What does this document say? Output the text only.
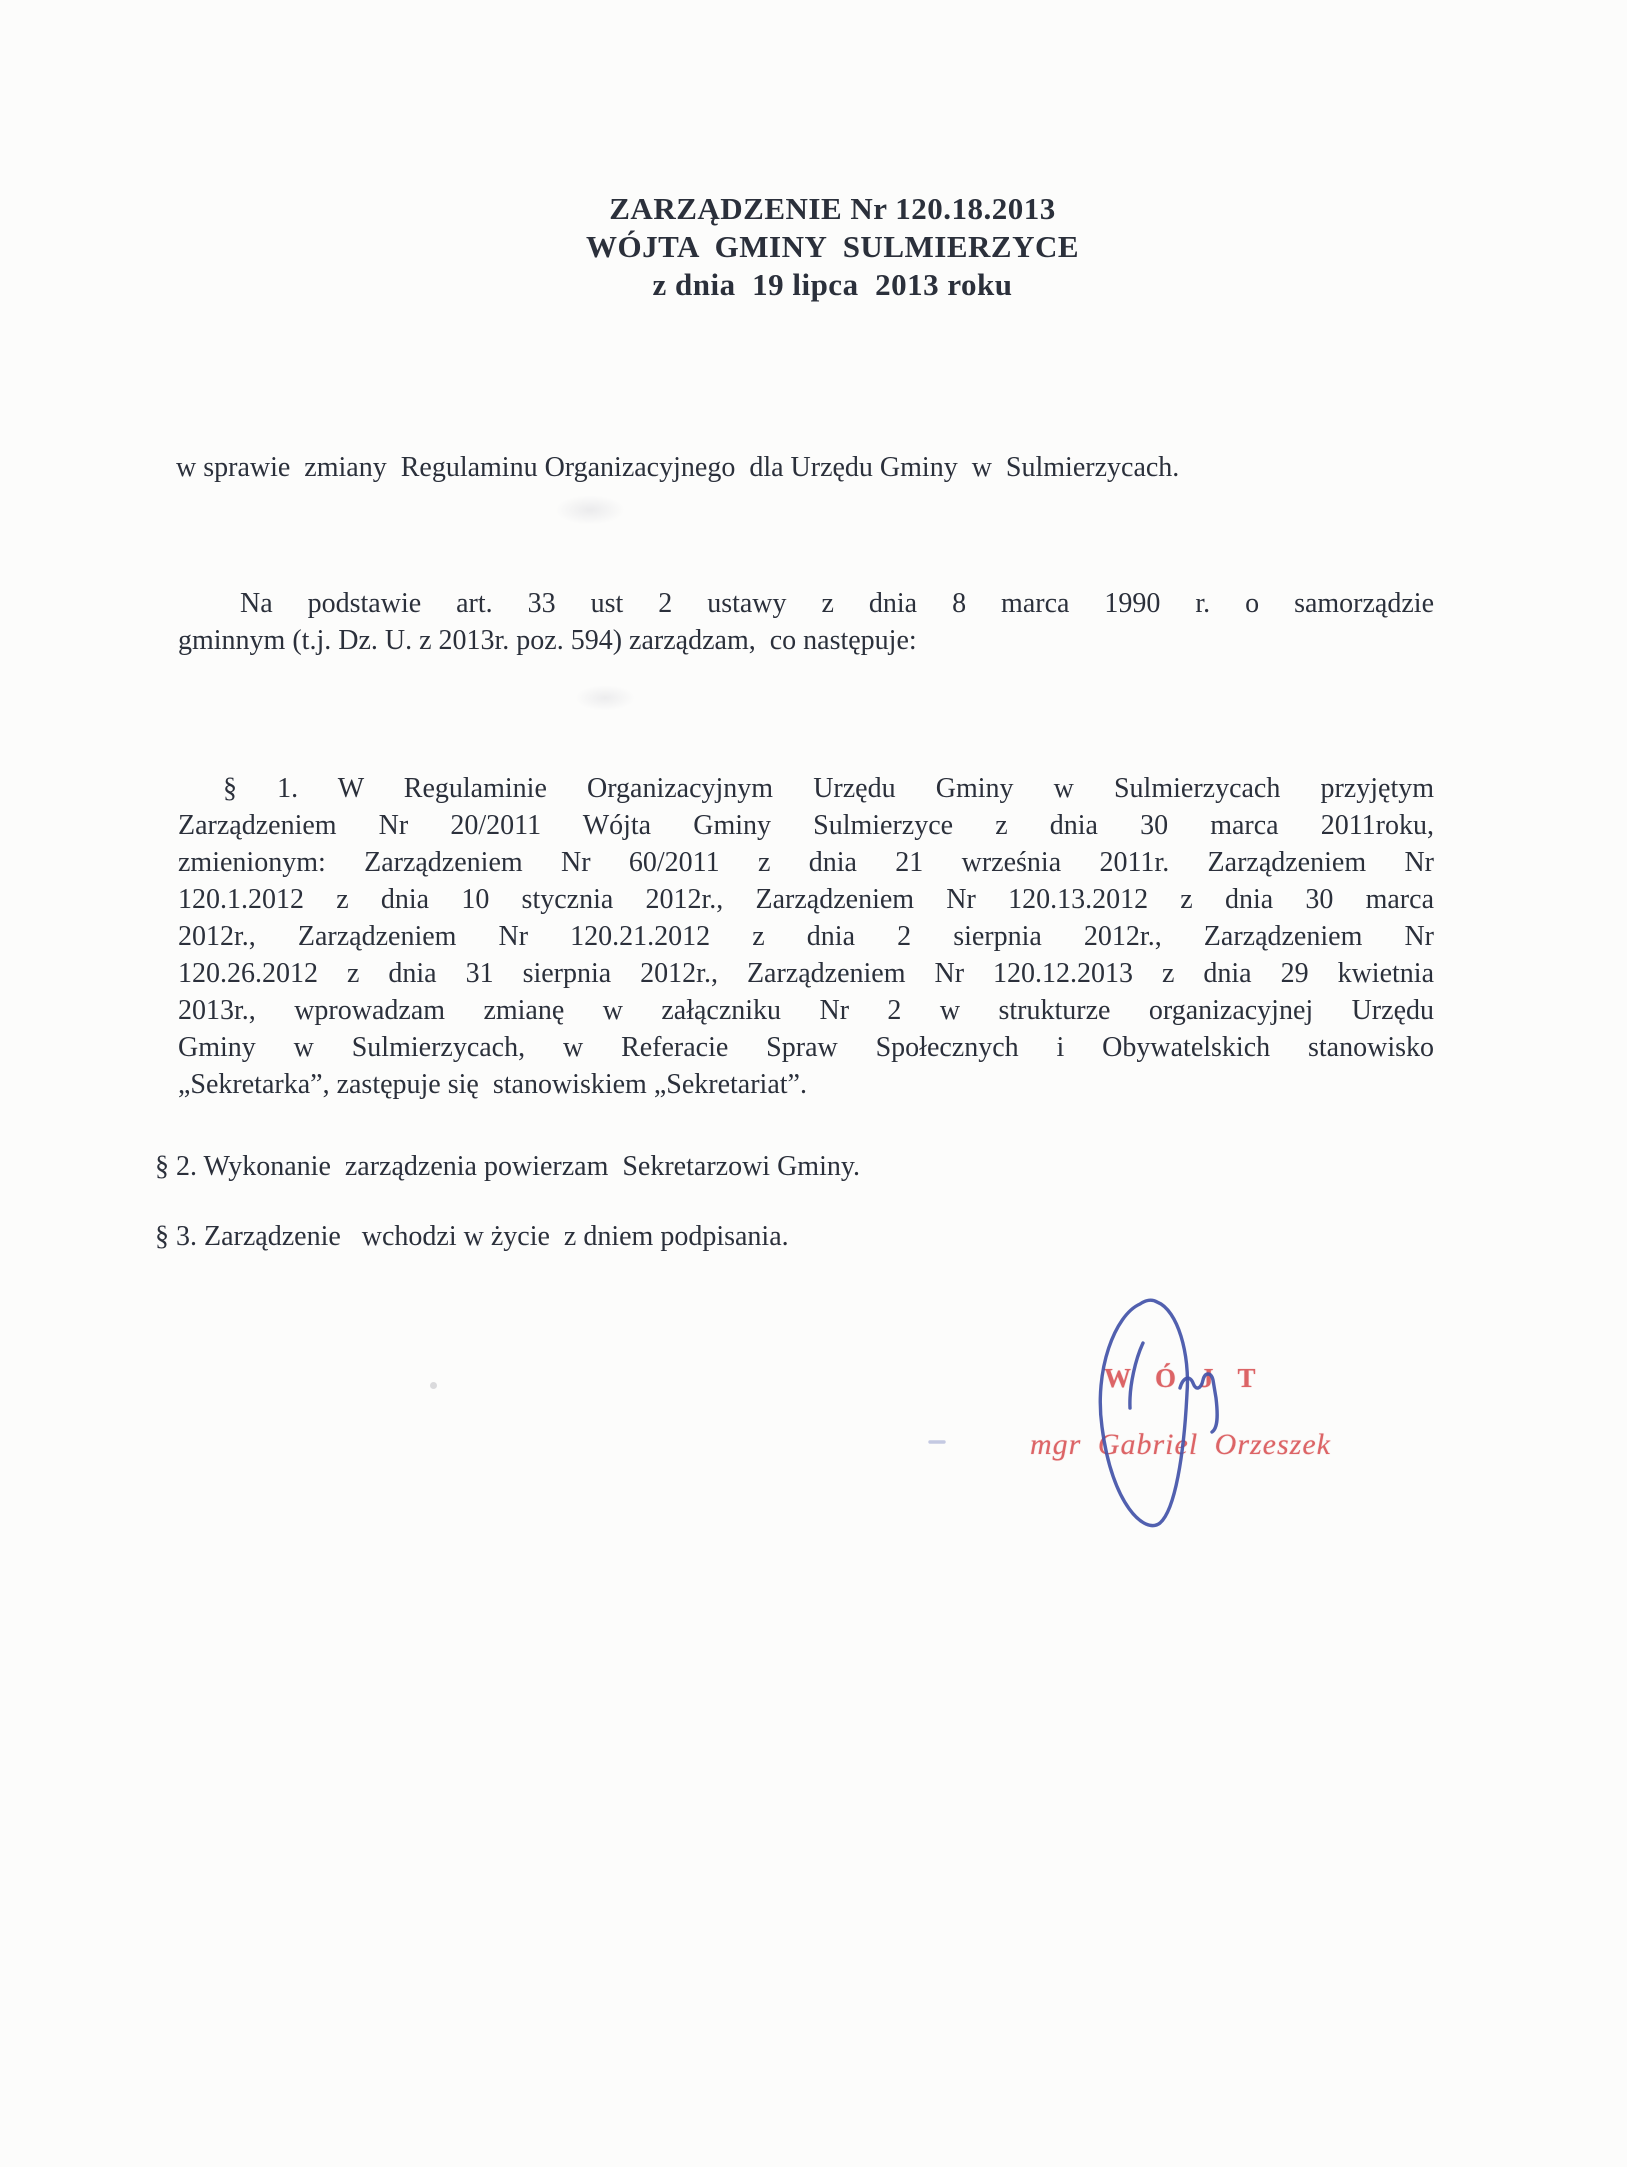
ZARZĄDZENIE Nr 120.18.2013
WÓJTA  GMINY  SULMIERZYCE
z dnia  19 lipca  2013 roku
w sprawie  zmiany  Regulaminu Organizacyjnego  dla Urzędu Gminy  w  Sulmierzycach.
Na podstawie art. 33 ust 2 ustawy z dnia 8 marca 1990 r. o samorządzie
gminnym (t.j. Dz. U. z 2013r. poz. 594) zarządzam,  co następuje:
§ 1. W Regulaminie Organizacyjnym Urzędu Gminy w Sulmierzycach przyjętym
Zarządzeniem Nr 20/2011 Wójta Gminy Sulmierzyce z dnia 30 marca 2011roku,
zmienionym: Zarządzeniem Nr 60/2011 z dnia 21 września 2011r. Zarządzeniem Nr
120.1.2012 z dnia 10 stycznia 2012r., Zarządzeniem Nr 120.13.2012 z dnia 30 marca
2012r., Zarządzeniem Nr 120.21.2012 z dnia 2 sierpnia 2012r., Zarządzeniem Nr
120.26.2012 z dnia 31 sierpnia 2012r., Zarządzeniem Nr 120.12.2013 z dnia 29 kwietnia
2013r., wprowadzam zmianę w załączniku Nr 2 w strukturze organizacyjnej Urzędu
Gminy w Sulmierzycach, w Referacie Spraw Społecznych i Obywatelskich stanowisko
„Sekretarka”, zastępuje się  stanowiskiem „Sekretariat”.
§ 2. Wykonanie  zarządzenia powierzam  Sekretarzowi Gminy.
§ 3. Zarządzenie   wchodzi w życie  z dniem podpisania.
WÓJT
mgr Gabriel Orzeszek
